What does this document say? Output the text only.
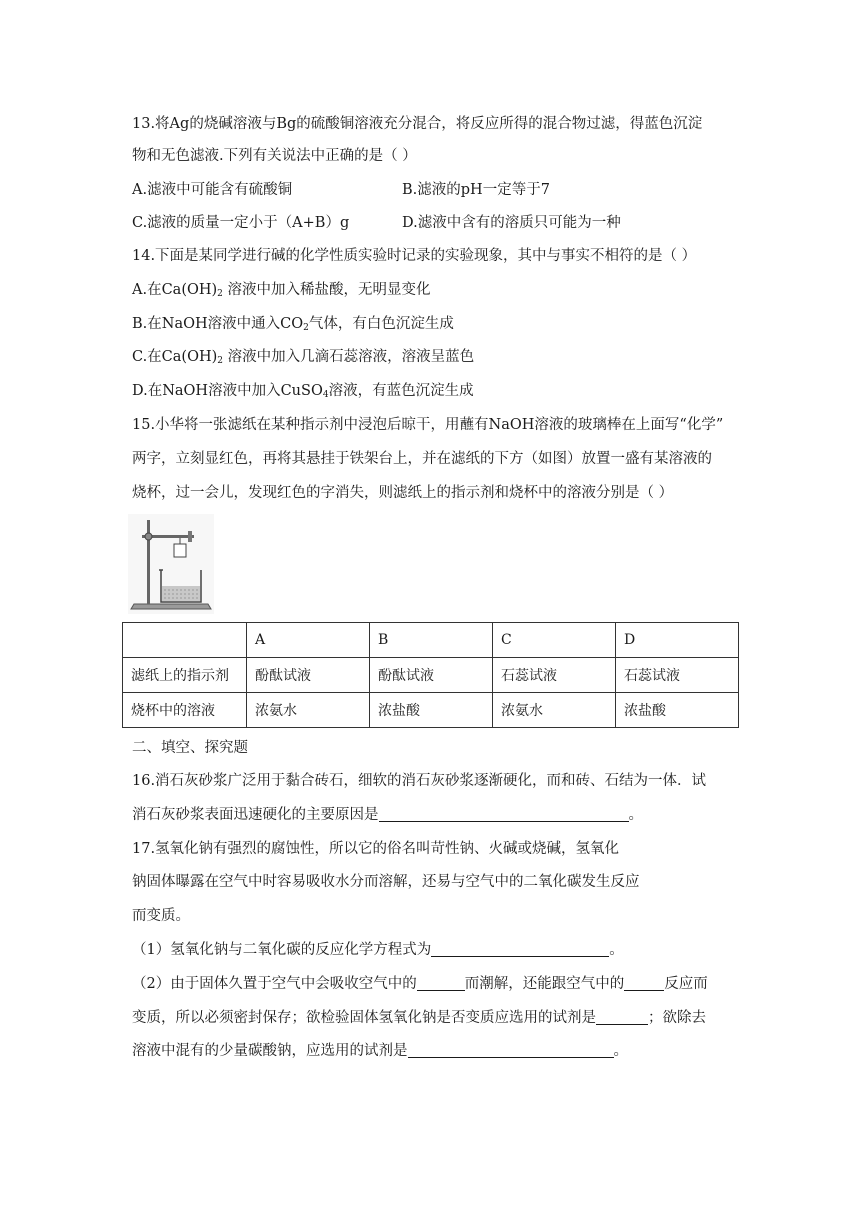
13.将Ag的烧碱溶液与Bg的硫酸铜溶液充分混合，将反应所得的混合物过滤，得蓝色沉淀
物和无色滤液.下列有关说法中正确的是（ ）
A.滤液中可能含有硫酸铜	B.滤液的pH一定等于7
C.滤液的质量一定小于（A+B）g	D.滤液中含有的溶质只可能为一种
14.下面是某同学进行碱的化学性质实验时记录的实验现象，其中与事实不相符的是（ ）
A.在$Ca(OH)_2$ 溶液中加入稀盐酸，无明显变化
B.在NaOH溶液中通入$CO_2$气体，有白色沉淀生成
C.在$Ca(OH)_2$ 溶液中加入几滴石蕊溶液，溶液呈蓝色
D.在NaOH溶液中加入CuSO$_4$溶液，有蓝色沉淀生成
15.小华将一张滤纸在某种指示剂中浸泡后晾干，用蘸有NaOH溶液的玻璃棒在上面写“化学”
两字，立刻显红色，再将其悬挂于铁架台上，并在滤纸的下方（如图）放置一盛有某溶液的
烧杯，过一会儿，发现红色的字消失，则滤纸上的指示剂和烧杯中的溶液分别是（ ）
	A	B	C	D
滤纸上的指示剂	酚酞试液	酚酞试液	石蕊试液	石蕊试液
烧杯中的溶液	浓氨水	浓盐酸	浓氨水	浓盐酸
二、填空、探究题
16.消石灰砂浆广泛用于黏合砖石，细软的消石灰砂浆逐渐硬化，而和砖、石结为一体．试
消石灰砂浆表面迅速硬化的主要原因是	。
17.氢氧化钠有强烈的腐蚀性，所以它的俗名叫苛性钠、火碱或烧碱，氢氧化
钠固体曝露在空气中时容易吸收水分而溶解，还易与空气中的二氧化碳发生反应
而变质。
（1）氢氧化钠与二氧化碳的反应化学方程式为	。
（2）由于固体久置于空气中会吸收空气中的	而潮解，还能跟空气中的	反应而
变质，所以必须密封保存；欲检验固体氢氧化钠是否变质应选用的试剂是	；欲除去
溶液中混有的少量碳酸钠，应选用的试剂是	。
